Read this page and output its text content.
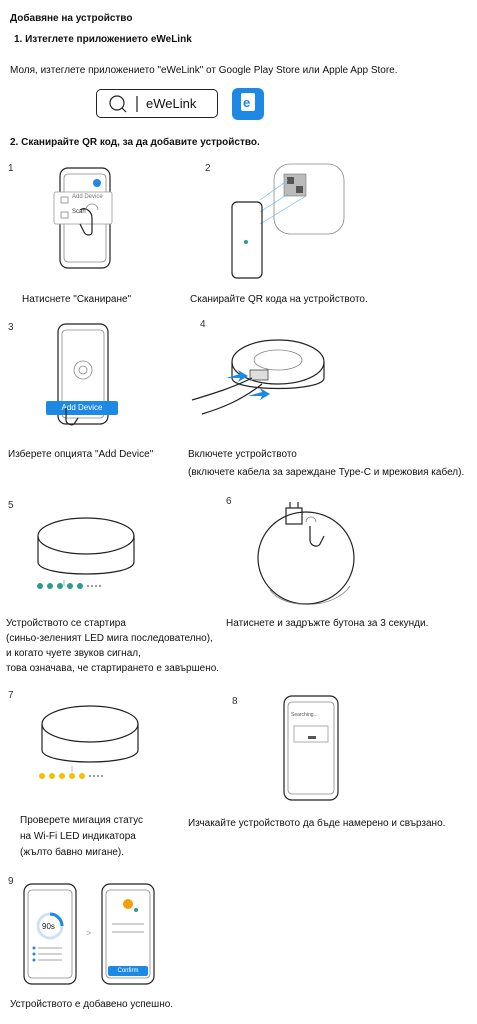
Добавяне на устройство
1. Изтеглете приложението eWeLink
Моля, изтеглете приложението "eWeLink" от Google Play Store или Apple App Store.
eWeLink	e
2. Сканирайте QR код, за да добавите устройство.
1
Add Device
Scan
Натиснете "Сканиране"
2
Сканирайте QR кода на устройството.
3
Add Device
Изберете опцията "Add Device"
4
Включете устройството
(включете кабела за зареждане Type-C и мрежовия кабел).
5
Устройството се стартира
(синьо-зеленият LED мига последователно),
и когато чуете звуков сигнал,
това означава, че стартирането е завършено.
6
Натиснете и задръжте бутона за 3 секунди.
7
Проверете мигация статус
на Wi-Fi LED индикатора
(жълто бавно мигане).
8
Searching...
Изчакайте устройството да бъде намерено и свързано.
9
90s
>
Confirm
Устройството е добавено успешно.
